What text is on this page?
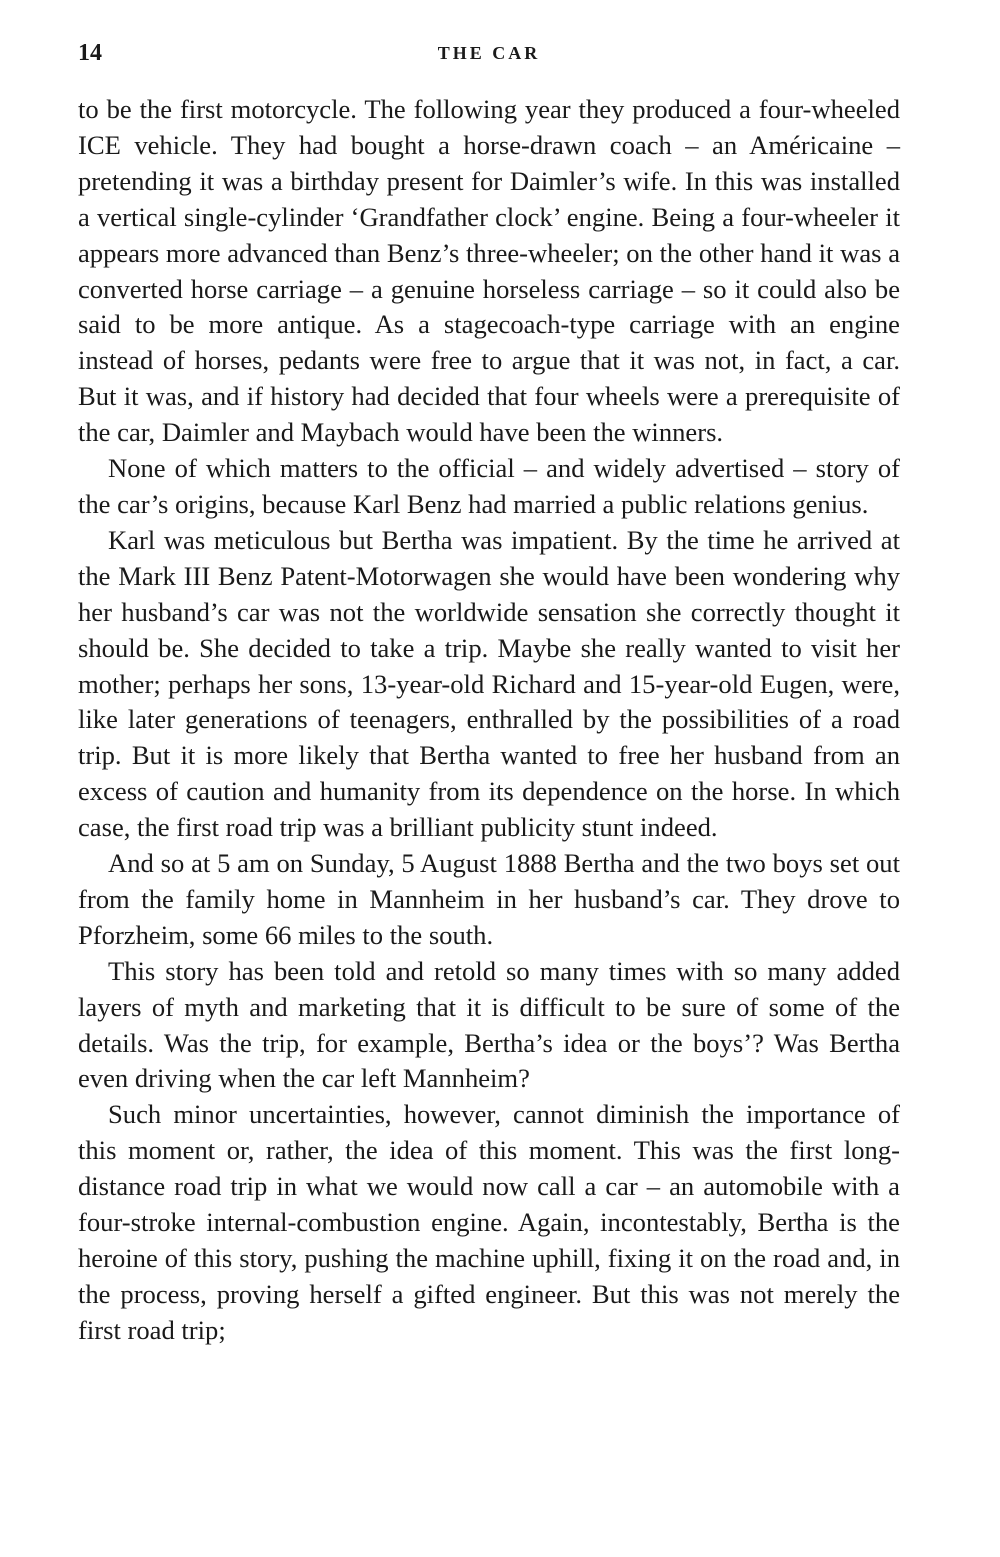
14	THE CAR

to be the first motorcycle. The following year they produced a four-wheeled ICE vehicle. They had bought a horse-drawn coach – an Américaine – pretending it was a birthday present for Daimler’s wife. In this was installed a vertical single-cylinder ‘Grandfather clock’ engine. Being a four-wheeler it appears more advanced than Benz’s three-wheeler; on the other hand it was a converted horse carriage – a genuine horseless carriage – so it could also be said to be more antique. As a stagecoach-type carriage with an engine instead of horses, pedants were free to argue that it was not, in fact, a car. But it was, and if history had decided that four wheels were a prerequisite of the car, Daimler and Maybach would have been the winners.

None of which matters to the official – and widely advertised – story of the car’s origins, because Karl Benz had married a public relations genius.

Karl was meticulous but Bertha was impatient. By the time he arrived at the Mark III Benz Patent-Motorwagen she would have been wondering why her husband’s car was not the worldwide sensation she correctly thought it should be. She decided to take a trip. Maybe she really wanted to visit her mother; perhaps her sons, 13-year-old Richard and 15-year-old Eugen, were, like later generations of teenagers, enthralled by the possibilities of a road trip. But it is more likely that Bertha wanted to free her husband from an excess of caution and humanity from its dependence on the horse. In which case, the first road trip was a brilliant publicity stunt indeed.

And so at 5 am on Sunday, 5 August 1888 Bertha and the two boys set out from the family home in Mannheim in her husband’s car. They drove to Pforzheim, some 66 miles to the south.

This story has been told and retold so many times with so many added layers of myth and marketing that it is difficult to be sure of some of the details. Was the trip, for example, Bertha’s idea or the boys’? Was Bertha even driving when the car left Mannheim?

Such minor uncertainties, however, cannot diminish the importance of this moment or, rather, the idea of this moment. This was the first long-distance road trip in what we would now call a car – an automobile with a four-stroke internal-combustion engine. Again, incontestably, Bertha is the heroine of this story, pushing the machine uphill, fixing it on the road and, in the process, proving herself a gifted engineer. But this was not merely the first road trip;
